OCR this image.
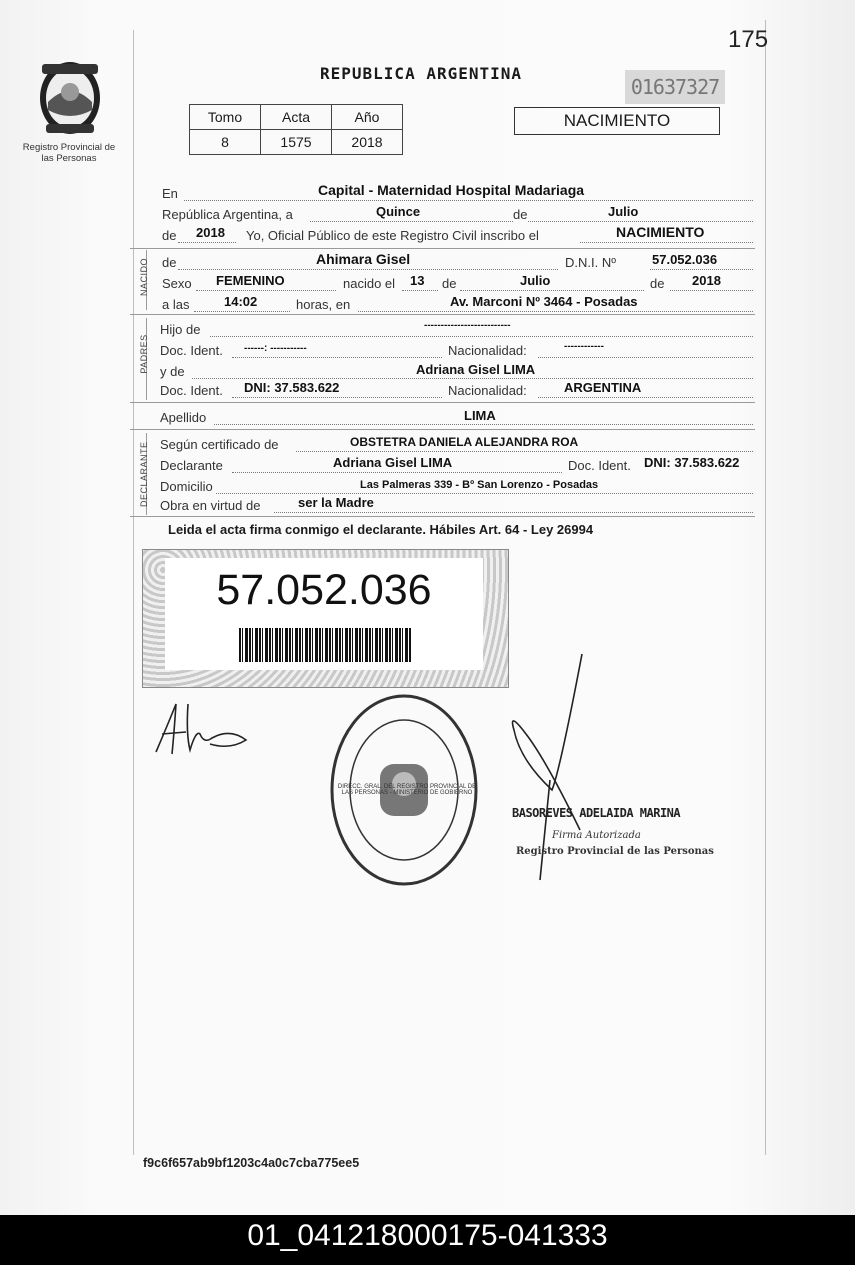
175
Registro Provincial de las Personas
REPUBLICA ARGENTINA
01637327
Tomo	Acta	Año
8	1575	2018
NACIMIENTO
En	Capital - Maternidad Hospital Madariaga
República Argentina, a	Quince	de	Julio
de 2018 Yo, Oficial Público de este Registro Civil inscribo el	NACIMIENTO
NACIDO de	Ahimara Gisel	D.N.I. Nº	57.052.036
Sexo FEMENINO	nacido el 13 de	Julio	de 2018
a las	14:02	horas, en	Av. Marconi Nº 3464 - Posadas
PADRES
Hijo de	--------------------------
Doc. Ident. ------: -----------	Nacionalidad:	------------
y de	Adriana Gisel LIMA
Doc. Ident. DNI: 37.583.622	Nacionalidad:	ARGENTINA
Apellido	LIMA
DECLARANTE Según certificado de	OBSTETRA DANIELA ALEJANDRA ROA
Declarante	Adriana Gisel LIMA	Doc. Ident. DNI: 37.583.622
Domicilio	Las Palmeras 339 - Bº San Lorenzo - Posadas
Obra en virtud de	ser la Madre
Leida el acta firma conmigo el declarante. Hábiles Art. 64 - Ley 26994
57.052.036
DIRECC. GRAL. DEL REGISTRO PROVINCIAL DE LAS PERSONAS - MINISTERIO DE GOBIERNO
BASOREVES ADELAIDA MARINA
Firma Autorizada
Registro Provincial de las Personas
f9c6f657ab9bf1203c4a0c7cba775ee5
01_041218000175-041333
